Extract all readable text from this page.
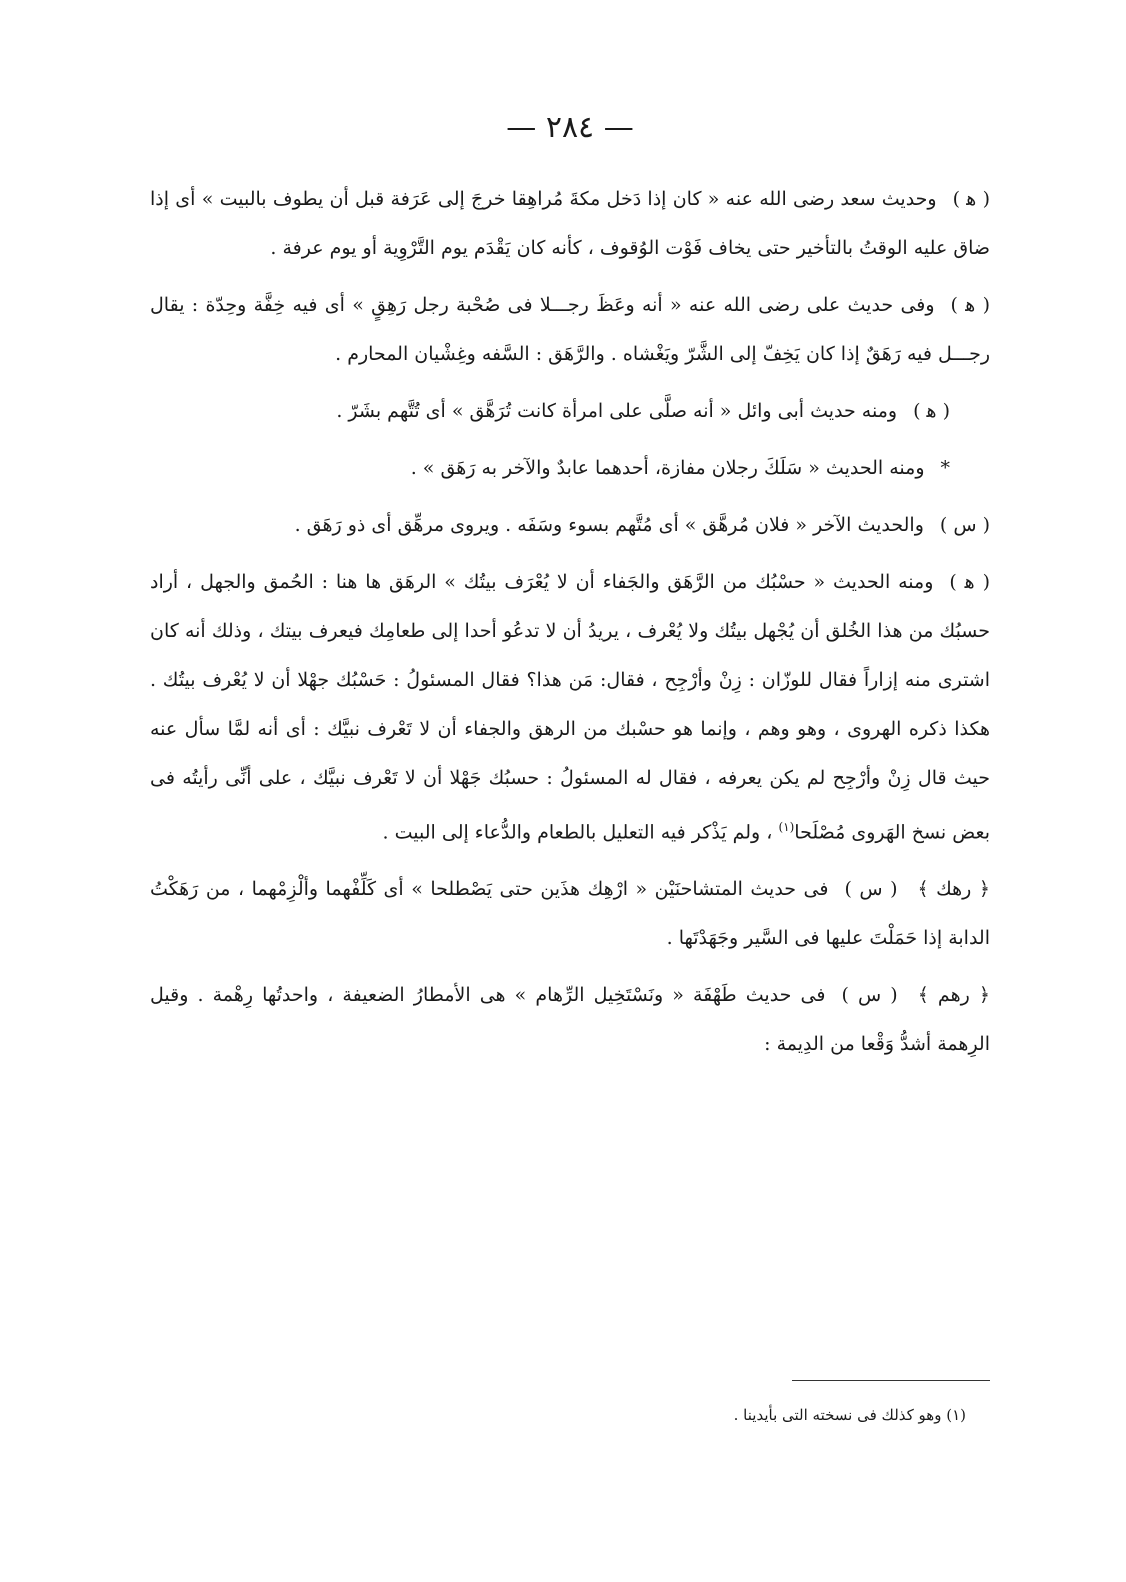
— ٢٨٤ —

( ﻫ )وحديث سعد رضى الله عنه « كان إذا دَخل مكةَ مُراهِقا خرجَ إلى عَرَفة قبل أن يطوف بالبيت » أى إذا ضاق عليه الوقتُ بالتأخير حتى يخاف فَوْت الوُقوف ، كأنه كان يَقْدَم يوم التَّرْوِية أو يوم عرفة .

( ﻫ )وفى حديث على رضى الله عنه « أنه وعَظَ رجـــلا فى صُحْبة رجل رَهِقٍ » أى فيه خِفَّة وحِدّة : يقال رجـــل فيه رَهَقٌ إذا كان يَخِفّ إلى الشَّرّ ويَغْشاه . والرَّهَق : السَّفه وغِشْيان المحارم .

( ﻫ )ومنه حديث أبى وائل « أنه صلَّى على امرأة كانت تُرَهَّق » أى تُتَّهم بشَرّ .

*ومنه الحديث « سَلَكَ رجلان مفازة، أحدهما عابدٌ والآخر به رَهَق » .

( س )والحديث الآخر « فلان مُرهَّق » أى مُتَّهم بسوء وسَفَه . ويروى مرهِّق أى ذو رَهَق .

( ﻫ )ومنه الحديث « حسْبُك من الرَّهَق والجَفاء أن لا يُعْرَف بيتُك » الرهَق ها هنا : الحُمق والجهل ، أراد حسبُك من هذا الخُلق أن يُجْهل بيتُك ولا يُعْرف ، يريدُ أن لا تدعُو أحدا إلى طعامِك فيعرف بيتك ، وذلك أنه كان اشترى منه إزاراً فقال للوزّان : زِنْ وأرْجِح ، فقال: مَن هذا؟ فقال المسئولُ : حَسْبُك جهْلا أن لا يُعْرف بيتُك . هكذا ذكره الهروى ، وهو وهم ، وإنما هو حسْبك من الرهق والجفاء أن لا تَعْرف نبيَّك : أى أنه لمَّا سأل عنه حيث قال زِنْ وأرْجِح لم يكن يعرفه ، فقال له المسئولُ : حسبُك جَهْلا أن لا تَعْرف نبيَّك ، على أنِّى رأيتُه فى بعض نسخ الهَروى مُصْلَحا$^{(١)}$ ، ولم يَذْكر فيه التعليل بالطعام والدُّعاء إلى البيت .

﴿ رهك ﴾( س )فى حديث المتشاحنَيْن « ارْهِك هذَين حتى يَصْطلحا » أى كَلِّفْهما وألْزِمْهما ، من رَهَكْتُ الدابة إذا حَمَلْتَ عليها فى السَّير وجَهَدْتَها .

﴿ رهم ﴾( س )فى حديث طَهْفَة « ونَسْتَخِيل الرِّهام » هى الأمطارُ الضعيفة ، واحدتُها رِهْمة . وقيل الرِهمة أشدُّ وَقْعا من الدِيمة :

(١) وهو كذلك فى نسخته التى بأيدينا .
